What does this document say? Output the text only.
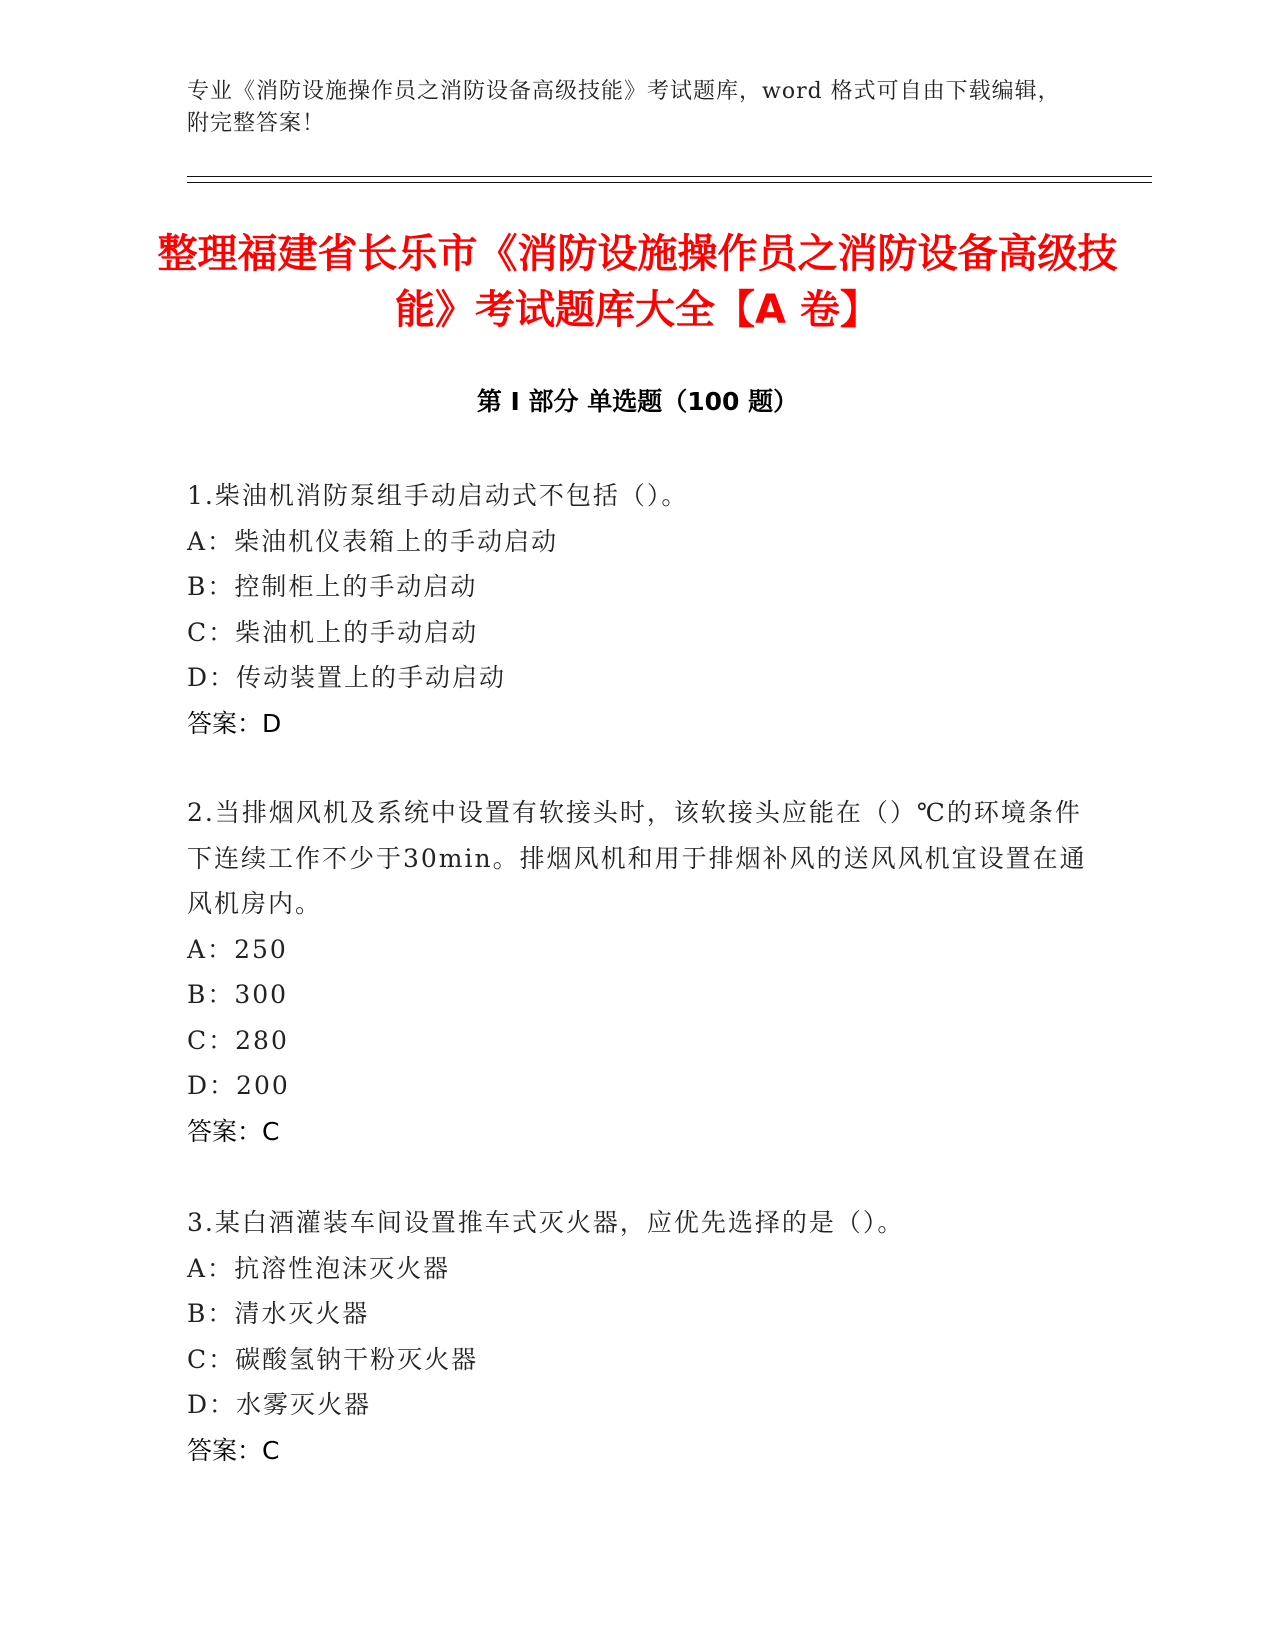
专业《消防设施操作员之消防设备高级技能》考试题库，word 格式可自由下载编辑，附完整答案！
整理福建省长乐市《消防设施操作员之消防设备高级技能》考试题库大全【A 卷】
第 I 部分 单选题（100 题）
1.柴油机消防泵组手动启动式不包括（）。
A：柴油机仪表箱上的手动启动
B：控制柜上的手动启动
C：柴油机上的手动启动
D：传动装置上的手动启动
答案：D
2.当排烟风机及系统中设置有软接头时，该软接头应能在（）℃的环境条件下连续工作不少于30min。排烟风机和用于排烟补风的送风风机宜设置在通风机房内。
A：250
B：300
C：280
D：200
答案：C
3.某白酒灌装车间设置推车式灭火器，应优先选择的是（）。
A：抗溶性泡沫灭火器
B：清水灭火器
C：碳酸氢钠干粉灭火器
D：水雾灭火器
答案：C
